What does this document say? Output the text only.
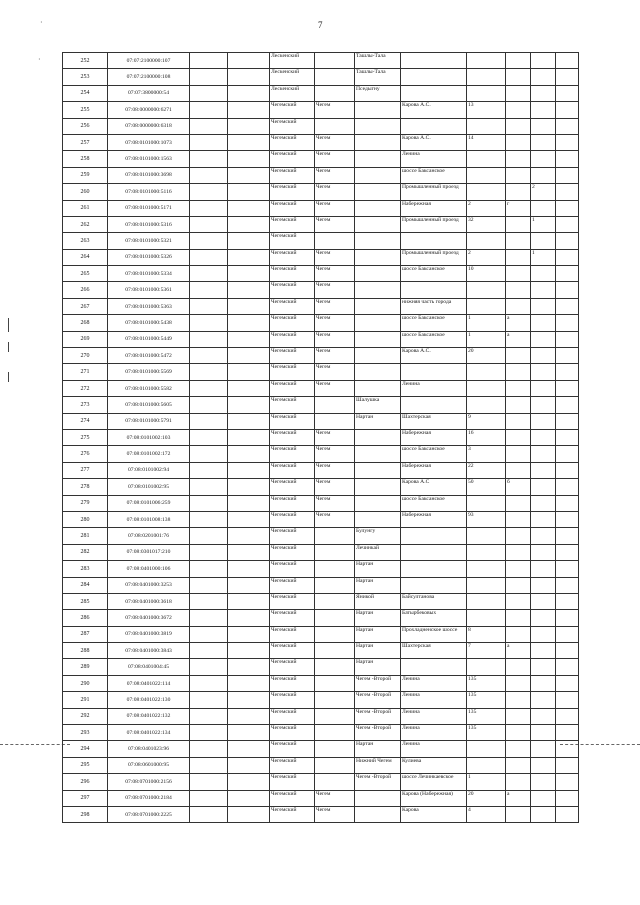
7
·
·
252	07:07:2100000:107			Лескенский		Ташлы-Тала					
253	07:07:2100000:108			Лескенский		Ташлы-Тала					
254	07:07:3800000:54			Лескенский		Пседыгну					
255	07:08:0000000:6271			Чегемский	Чегем		Карова А.С.	13			
256	07:08:0000000:6318			Чегемский							
257	07:08:0101000:1073			Чегемский	Чегем		Карова А.С.	14			
258	07:08:0101000:1563			Чегемский	Чегем		Ленина				
259	07:08:0101000:3698			Чегемский	Чегем		шоссе Баксанское				
260	07:08:0101000:5116			Чегемский	Чегем		Промышленный проезд			2	
261	07:08:0101000:5171			Чегемский	Чегем		Набережная	2	г		
262	07:08:0101000:5316			Чегемский	Чегем		Промышленный проезд	32		1	
263	07:08:0101000:5321			Чегемский							
264	07:08:0101000:5326			Чегемский	Чегем		Промышленный проезд	2		1	
265	07:08:0101000:5334			Чегемский	Чегем		шоссе Баксанское	10			
266	07:08:0101000:5361			Чегемский	Чегем						
267	07:08:0101000:5363			Чегемский	Чегем		нижняя часть города				
268	07:08:0101000:5438			Чегемский	Чегем		шоссе Баксанское	1	а		
269	07:08:0101000:5449			Чегемский	Чегем		шоссе Баксанское	1	а		
270	07:08:0101000:5472			Чегемский	Чегем		Карова А.С.	20			
271	07:08:0101000:5569			Чегемский	Чегем						
272	07:08:0101000:5582			Чегемский	Чегем		Ленина				
273	07:08:0101000:5605			Чегемский		Шалушка					
274	07:08:0101000:5791			Чегемский		Нартан	Шахтерская	9			
275	07:08:0101002:103			Чегемский	Чегем		Набережная	16			
276	07:08:0101002:172			Чегемский	Чегем		шоссе Баксанское	3			
277	07:08:0101002:94			Чегемский	Чегем		Набережная	22			
278	07:08:0101002:95			Чегемский	Чегем		Карова А.С	50	б		
279	07:08:0101006:259			Чегемский	Чегем		шоссе Баксанское				
280	07:08:0101008:138			Чегемский	Чегем		Набережная	93			
281	07:08:0201001:76			Чегемский		Булунгу					
282	07:08:0301017:210			Чегемский		Лечинкай					
283	07:08:0401000:106			Чегемский		Нартан					
284	07:08:0401000:3253			Чегемский		Нартан					
285	07:08:0401000:3618			Чегемский		Яникой	Байсултанова				
286	07:08:0401000:3672			Чегемский		Нартан	Батырбековых				
287	07:08:0401000:3819			Чегемский		Нартан	Прохладненское шоссе	8			
288	07:08:0401000:3843			Чегемский		Нартан	Шахтерская	7	а		
289	07:08:0401004:45			Чегемский		Нартан					
290	07:08:0401022:114			Чегемский		Чегем -Второй	Ленина	135			
291	07:08:0401022:130			Чегемский		Чегем -Второй	Ленина	135			
292	07:08:0401022:132			Чегемский		Чегем -Второй	Ленина	135			
293	07:08:0401022:134			Чегемский		Чегем -Второй	Ленина	135			
294	07:08:0401023:96			Чегемский		Нартан	Ленина				
295	07:08:0601000:95			Чегемский		Нижний Чегем	Кулиева				
296	07:08:0701000:2156			Чегемский		Чегем -Второй	шоссе Лечинкаевское	1			
297	07:08:0701000:2184			Чегемский	Чегем		Карова (Набережная)	20	а		
298	07:08:0701000:2225			Чегемский	Чегем		Карова	4			
